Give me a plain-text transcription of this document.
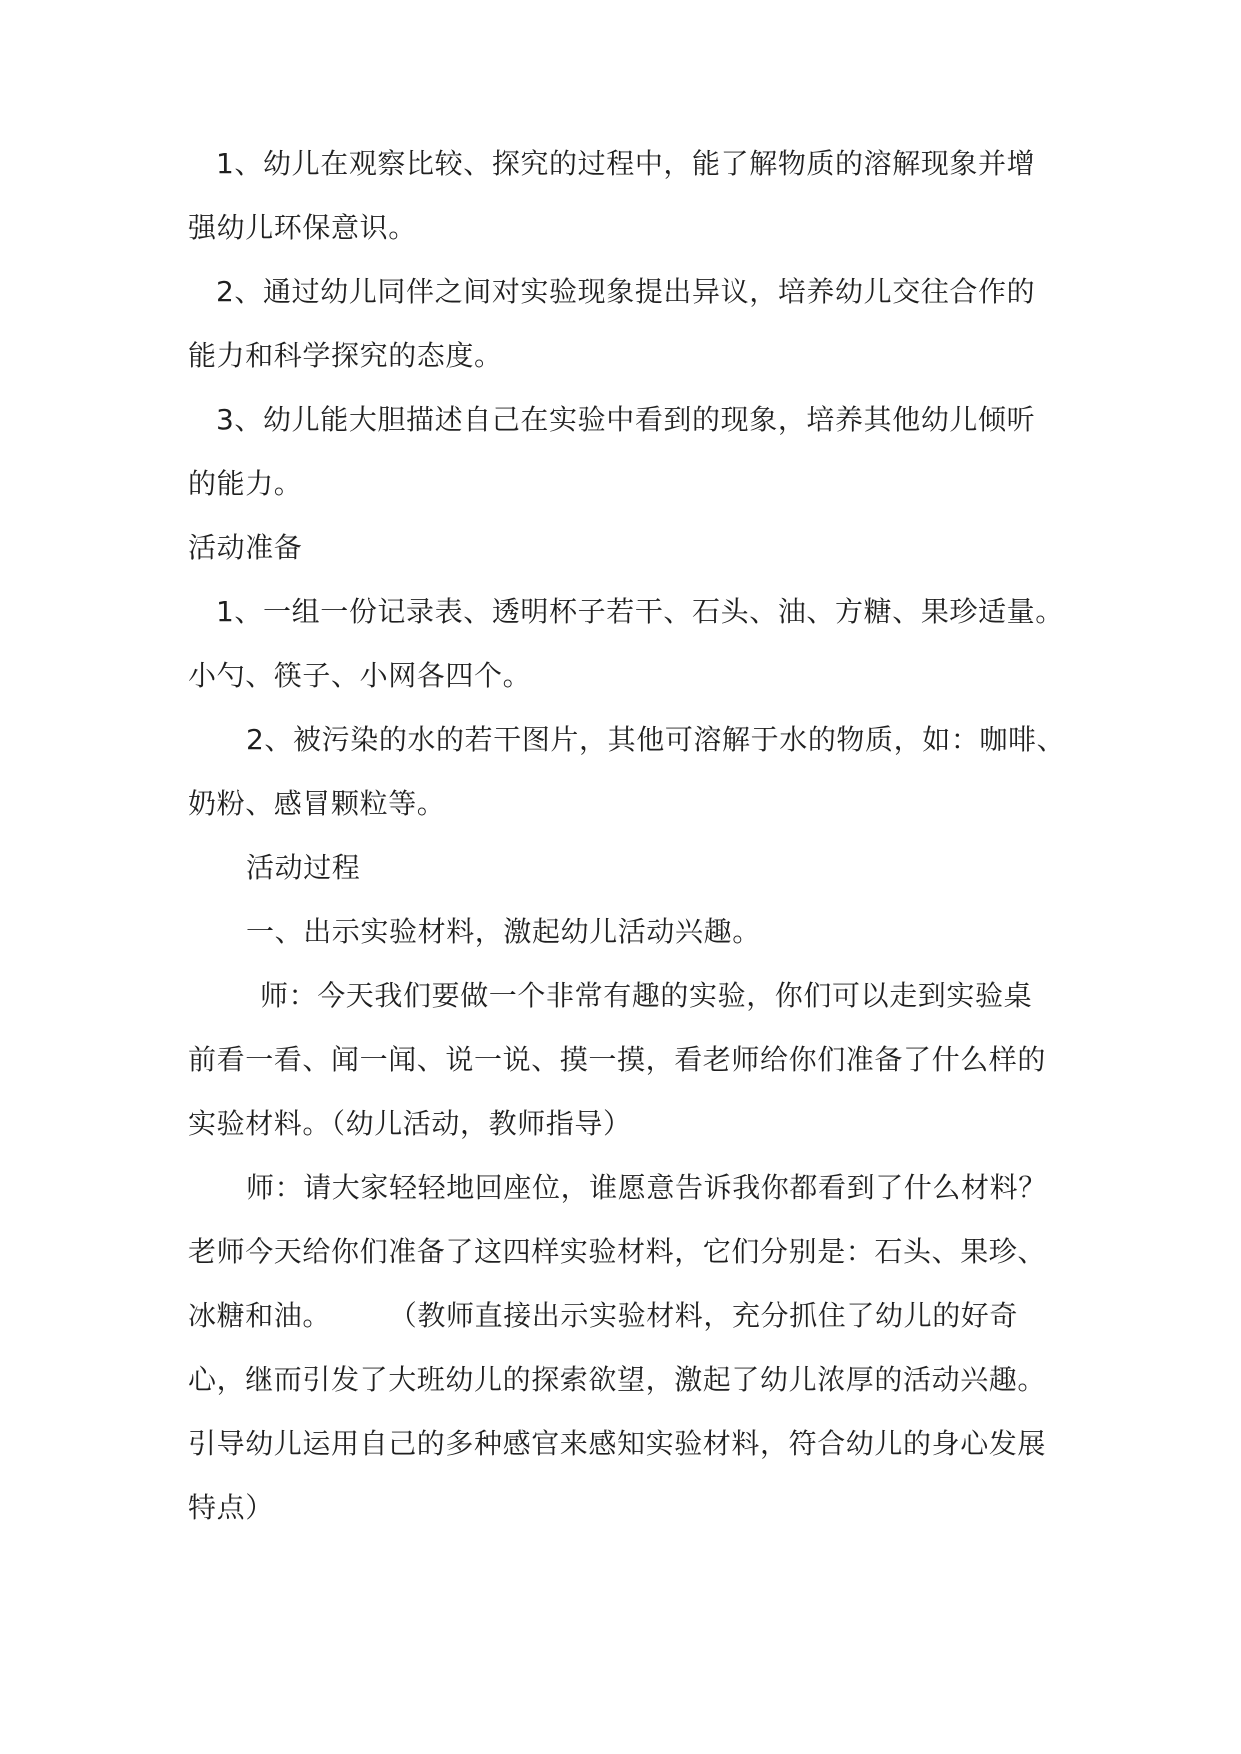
1、幼儿在观察比较、探究的过程中，能了解物质的溶解现象并增

强幼儿环保意识。

2、通过幼儿同伴之间对实验现象提出异议，培养幼儿交往合作的

能力和科学探究的态度。

3、幼儿能大胆描述自己在实验中看到的现象，培养其他幼儿倾听

的能力。

活动准备

1、一组一份记录表、透明杯子若干、石头、油、方糖、果珍适量。

小勺、筷子、小网各四个。

2、被污染的水的若干图片，其他可溶解于水的物质，如：咖啡、

奶粉、感冒颗粒等。

活动过程

一、出示实验材料，激起幼儿活动兴趣。

师：今天我们要做一个非常有趣的实验，你们可以走到实验桌

前看一看、闻一闻、说一说、摸一摸，看老师给你们准备了什么样的

实验材料。（幼儿活动，教师指导）

师：请大家轻轻地回座位，谁愿意告诉我你都看到了什么材料？

老师今天给你们准备了这四样实验材料，它们分别是：石头、果珍、

冰糖和油。　　　（教师直接出示实验材料，充分抓住了幼儿的好奇

心，继而引发了大班幼儿的探索欲望，激起了幼儿浓厚的活动兴趣。

引导幼儿运用自己的多种感官来感知实验材料，符合幼儿的身心发展

特点）
